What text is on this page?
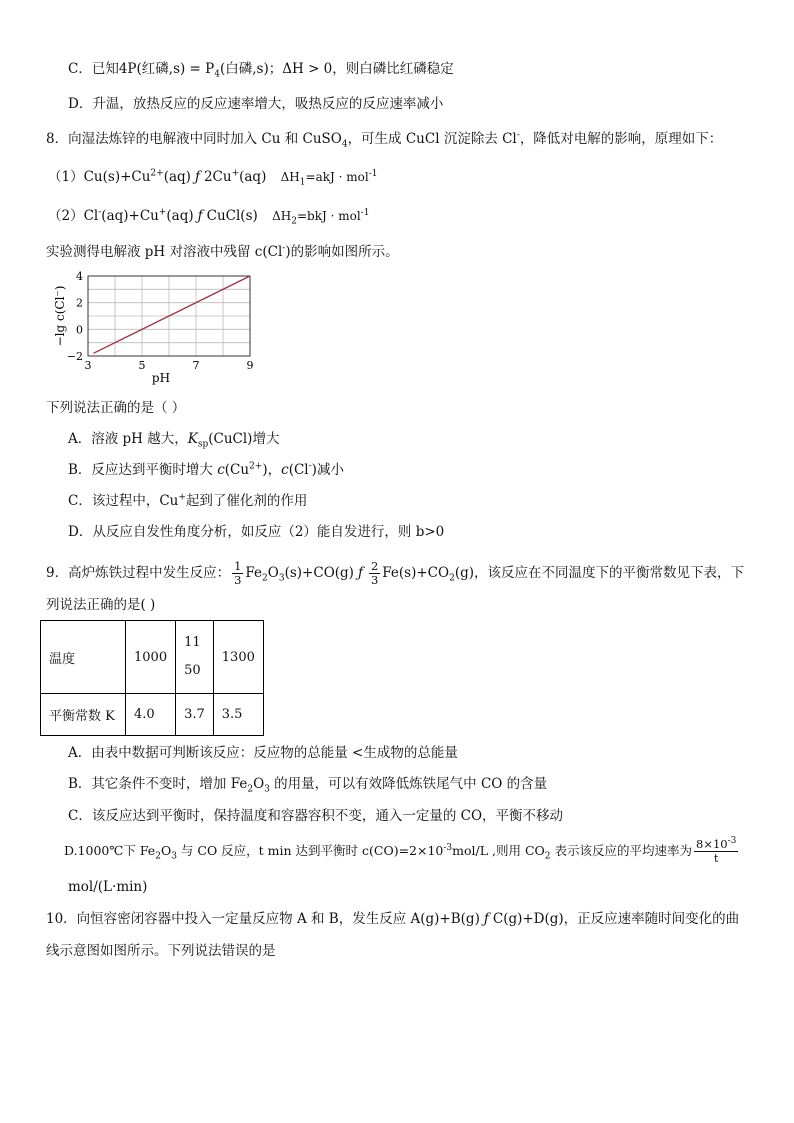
C．已知4P(红磷$,s) = P_4$(白磷,s)；ΔH > 0，则白磷比红磷稳定
D．升温，放热反应的反应速率增大，吸热反应的反应速率减小
8．向湿法炼锌的电解液中同时加入 Cu 和 CuSO$_4$，可生成 CuCl 沉淀除去 Cl-，降低对电解的影响，原理如下：
$(1)Cu(s)+Cu^{2+}(aq)$ ƒ 2Cu+(aq) $\Delta H_1=akJ \cdot mol^{-1}$
（2）Cl-(aq)+Cu+(aq) ƒ CuCl(s) $\Delta H_2=bkJ \cdot mol^{-1}$
实验测得电解液 pH 对溶液中残留 c(Cl-)的影响如图所示。
3	5	7	9
4
2
0
−2
pH
−lg c(Cl⁻)
下列说法正确的是（ ）
A．溶液 pH 越大，$K_{sp}(CuCl)$增大
B．反应达到平衡时增大 $c(Cu^{2+})$，c(Cl-)减小
C．该过程中，Cu+起到了催化剂的作用
D．从反应自发性角度分析，如反应（2）能自发进行，则 b>0
9．高炉炼铁过程中发生反应： $\frac{1}{3} Fe_2O_3(s)+CO(g)$ ƒ $\frac{2}{3} Fe(s)+CO_2(g)$，该反应在不同温度下的平衡常数见下表，下
列说法正确的是( )
温度	1000	1150	1300
平衡常数 K	4.0	3.7	3.5
A．由表中数据可判断该反应：反应物的总能量 <生成物的总能量
B．其它条件不变时，增加 $Fe_2O_3$ 的用量，可以有效降低炼铁尾气中 CO 的含量
C．该反应达到平衡时，保持温度和容器容积不变，通入一定量的 CO，平衡不移动
D.1000℃下 $Fe_2O_3$ 与 CO 反应，t min 达到平衡时 $c(CO)=2\times 10^{-3}mol/L$ ,则用 $CO_2$ 表示该反应的平均速率为 $\frac{8\times 10^{-3}}{t}$
mol/(L·min)
10．向恒容密闭容器中投入一定量反应物 A 和 B，发生反应 A(g)+B(g) ƒ C(g)+D(g)，正反应速率随时间变化的曲
线示意图如图所示。下列说法错误的是
